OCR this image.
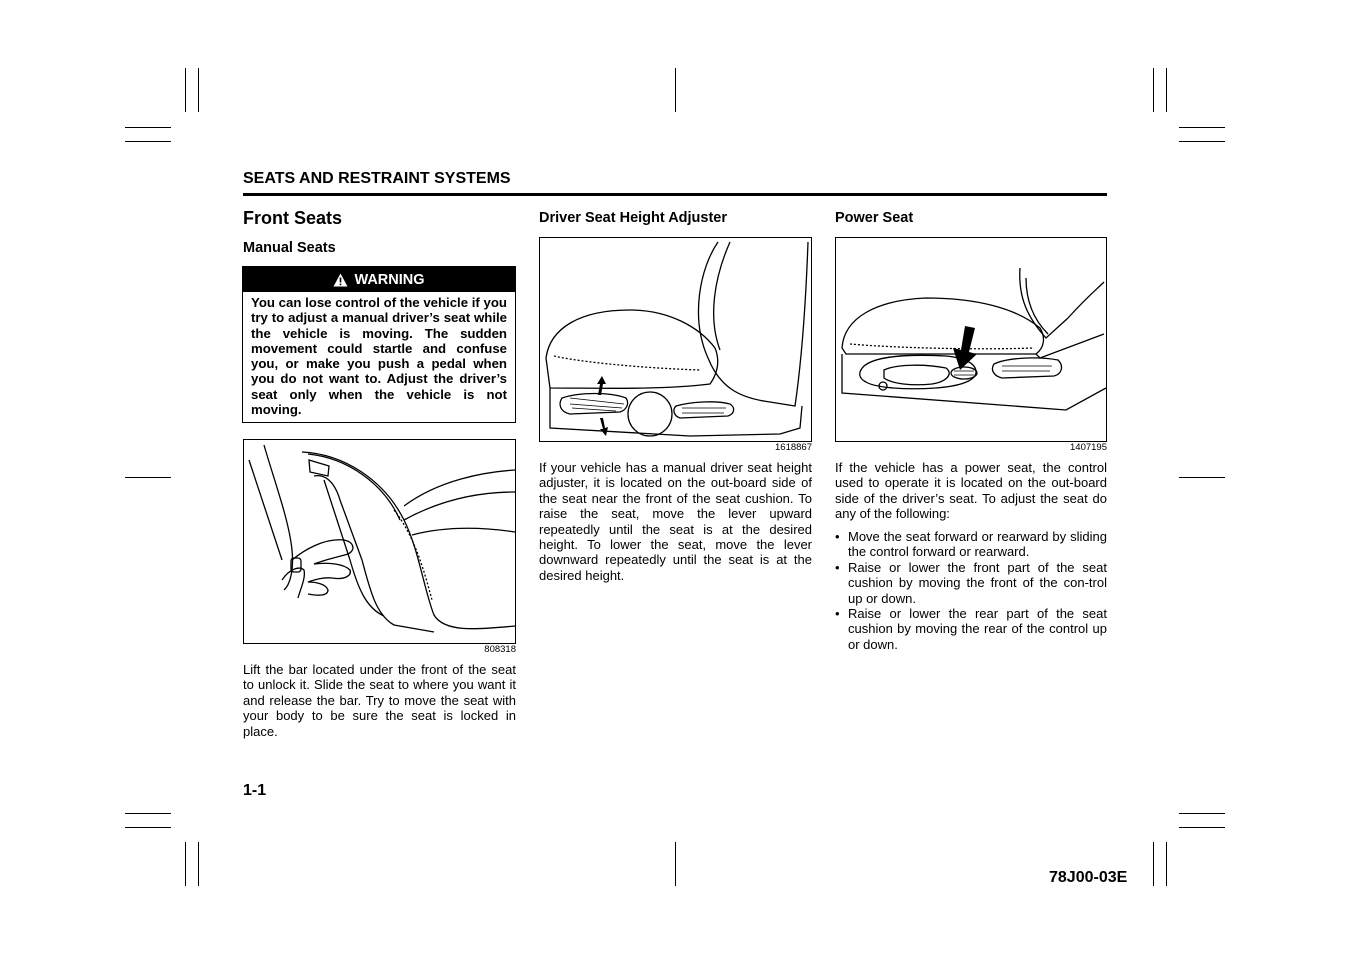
SEATS AND RESTRAINT SYSTEMS
Front Seats
Manual Seats
WARNING
You can lose control of the vehicle if you try to adjust a manual driver’s seat while the vehicle is moving. The sudden movement could startle and confuse you, or make you push a pedal when you do not want to. Adjust the driver’s seat only when the vehicle is not moving.
808318
Lift the bar located under the front of the seat to unlock it. Slide the seat to where you want it and release the bar. Try to move the seat with your body to be sure the seat is locked in place.
Driver Seat Height Adjuster
1618867
If your vehicle has a manual driver seat height adjuster, it is located on the out-board side of the seat near the front of the seat cushion. To raise the seat, move the lever upward repeatedly until the seat is at the desired height. To lower the seat, move the lever downward repeatedly until the seat is at the desired height.
Power Seat
1407195
If the vehicle has a power seat, the control used to operate it is located on the out-board side of the driver’s seat. To adjust the seat do any of the following:
• Move the seat forward or rearward by sliding the control forward or rearward.
• Raise or lower the front part of the seat cushion by moving the front of the con-trol up or down.
• Raise or lower the rear part of the seat cushion by moving the rear of the control up or down.
1-1
78J00-03E
